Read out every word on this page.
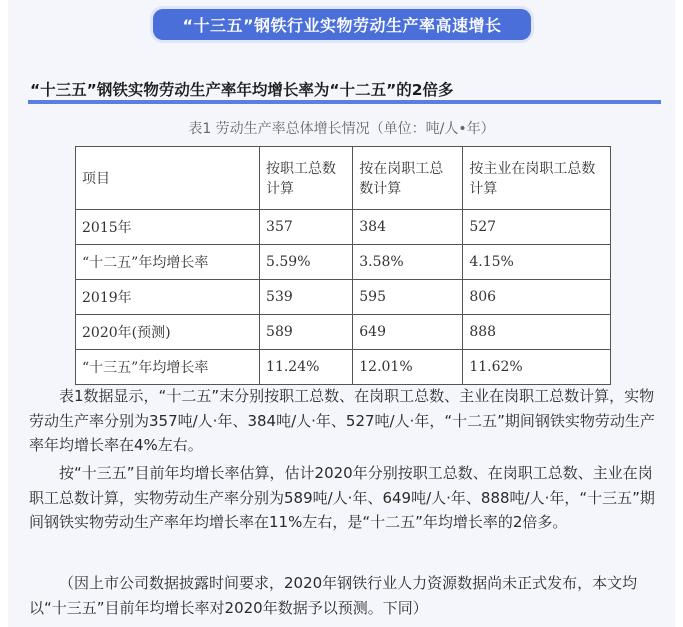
“十三五”钢铁行业实物劳动生产率高速增长
“十三五”钢铁实物劳动生产率年均增长率为“十二五”的2倍多
表1 劳动生产率总体增长情况（单位：吨/人•年）
项目	按职工总数计算	按在岗职工总数计算	按主业在岗职工总数计算
2015年	357	384	527
“十二五”年均增长率	5.59%	3.58%	4.15%
2019年	539	595	806
2020年(预测)	589	649	888
“十三五”年均增长率	11.24%	12.01%	11.62%
表1数据显示，“十二五”末分别按职工总数、在岗职工总数、主业在岗职工总数计算，实物劳动生产率分别为357吨/人·年、384吨/人·年、527吨/人·年，“十二五”期间钢铁实物劳动生产率年均增长率在4%左右。
按“十三五”目前年均增长率估算，估计2020年分别按职工总数、在岗职工总数、主业在岗职工总数计算，实物劳动生产率分别为589吨/人·年、649吨/人·年、888吨/人·年，“十三五”期间钢铁实物劳动生产率年均增长率在11%左右，是“十二五”年均增长率的2倍多。
（因上市公司数据披露时间要求，2020年钢铁行业人力资源数据尚未正式发布，本文均以“十三五”目前年均增长率对2020年数据予以预测。下同）
